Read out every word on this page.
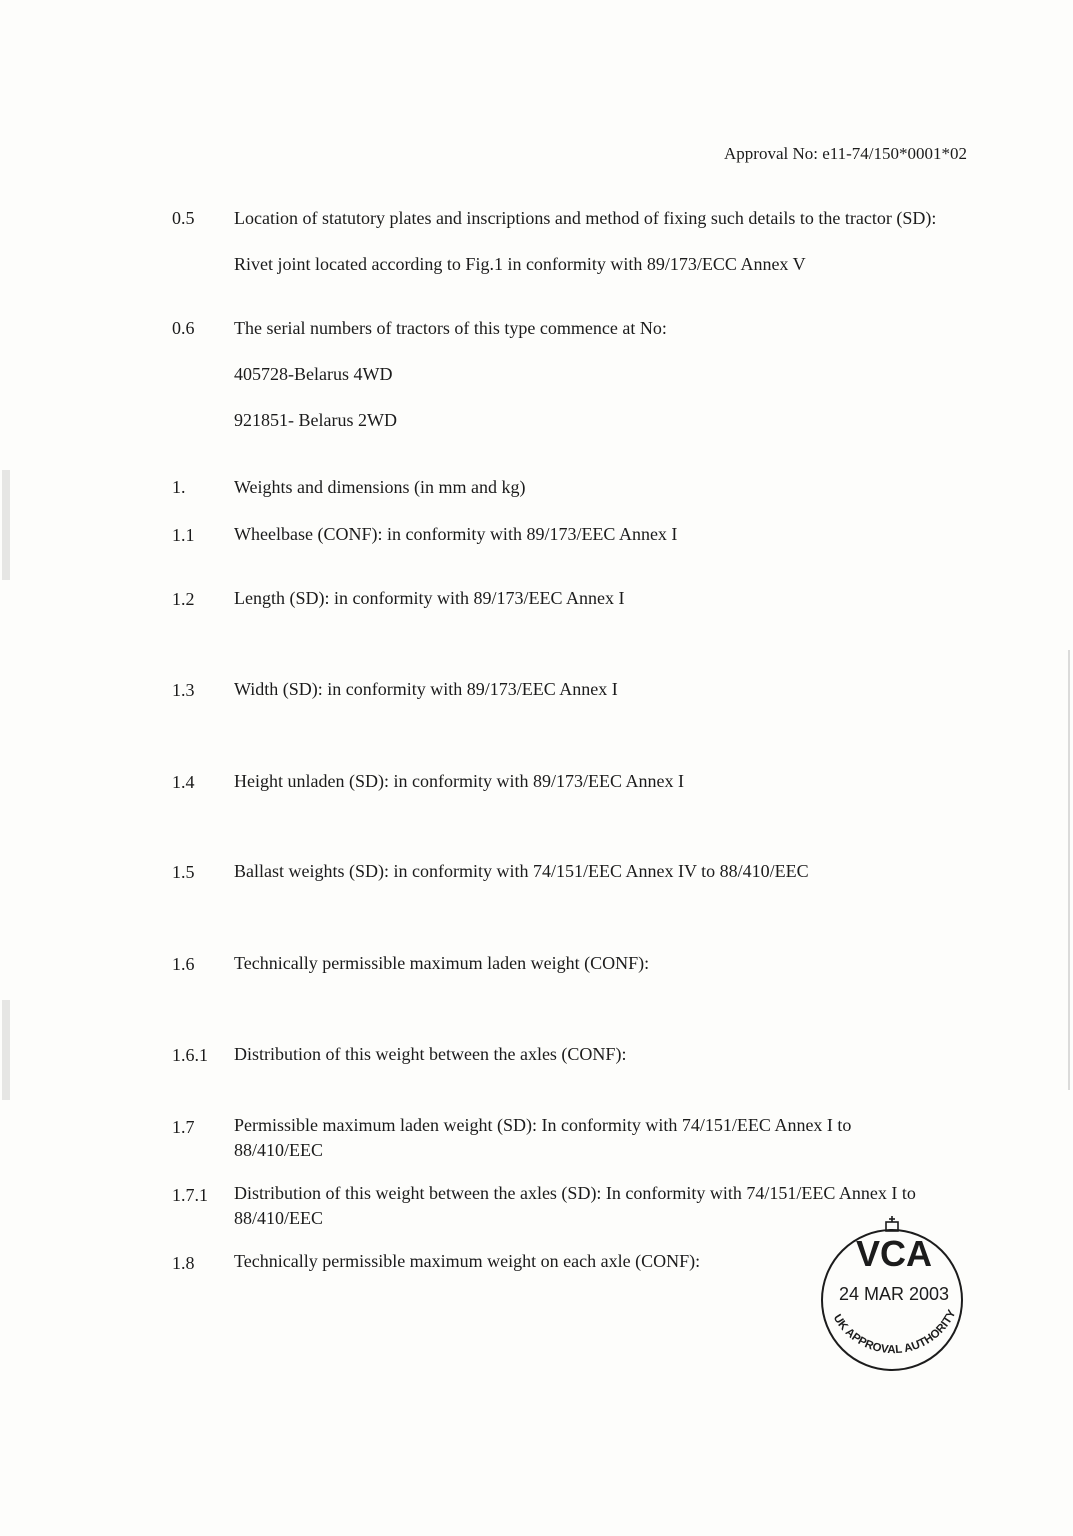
Approval No: e11-74/150*0001*02
0.5 Location of statutory plates and inscriptions and method of fixing such details to the tractor (SD):
Rivet joint located according to Fig.1 in conformity with 89/173/ECC Annex V
0.6 The serial numbers of tractors of this type commence at No:
405728-Belarus 4WD
921851- Belarus 2WD
1.	Weights and dimensions (in mm and kg)
1.1 Wheelbase (CONF): in conformity with 89/173/EEC Annex I
1.2 Length (SD): in conformity with 89/173/EEC Annex I
1.3 Width (SD): in conformity with 89/173/EEC Annex I
1.4 Height unladen (SD): in conformity with 89/173/EEC Annex I
1.5 Ballast weights (SD): in conformity with 74/151/EEC Annex IV to 88/410/EEC
1.6 Technically permissible maximum laden weight (CONF):
1.6.1 Distribution of this weight between the axles (CONF):
1.7 Permissible maximum laden weight (SD): In conformity with 74/151/EEC Annex I to
88/410/EEC
1.7.1 Distribution of this weight between the axles (SD): In conformity with 74/151/EEC Annex I to
88/410/EEC
1.8 Technically permissible maximum weight on each axle (CONF):	VCA
24 MAR 2003
UK APPROVAL AUTHORITY
